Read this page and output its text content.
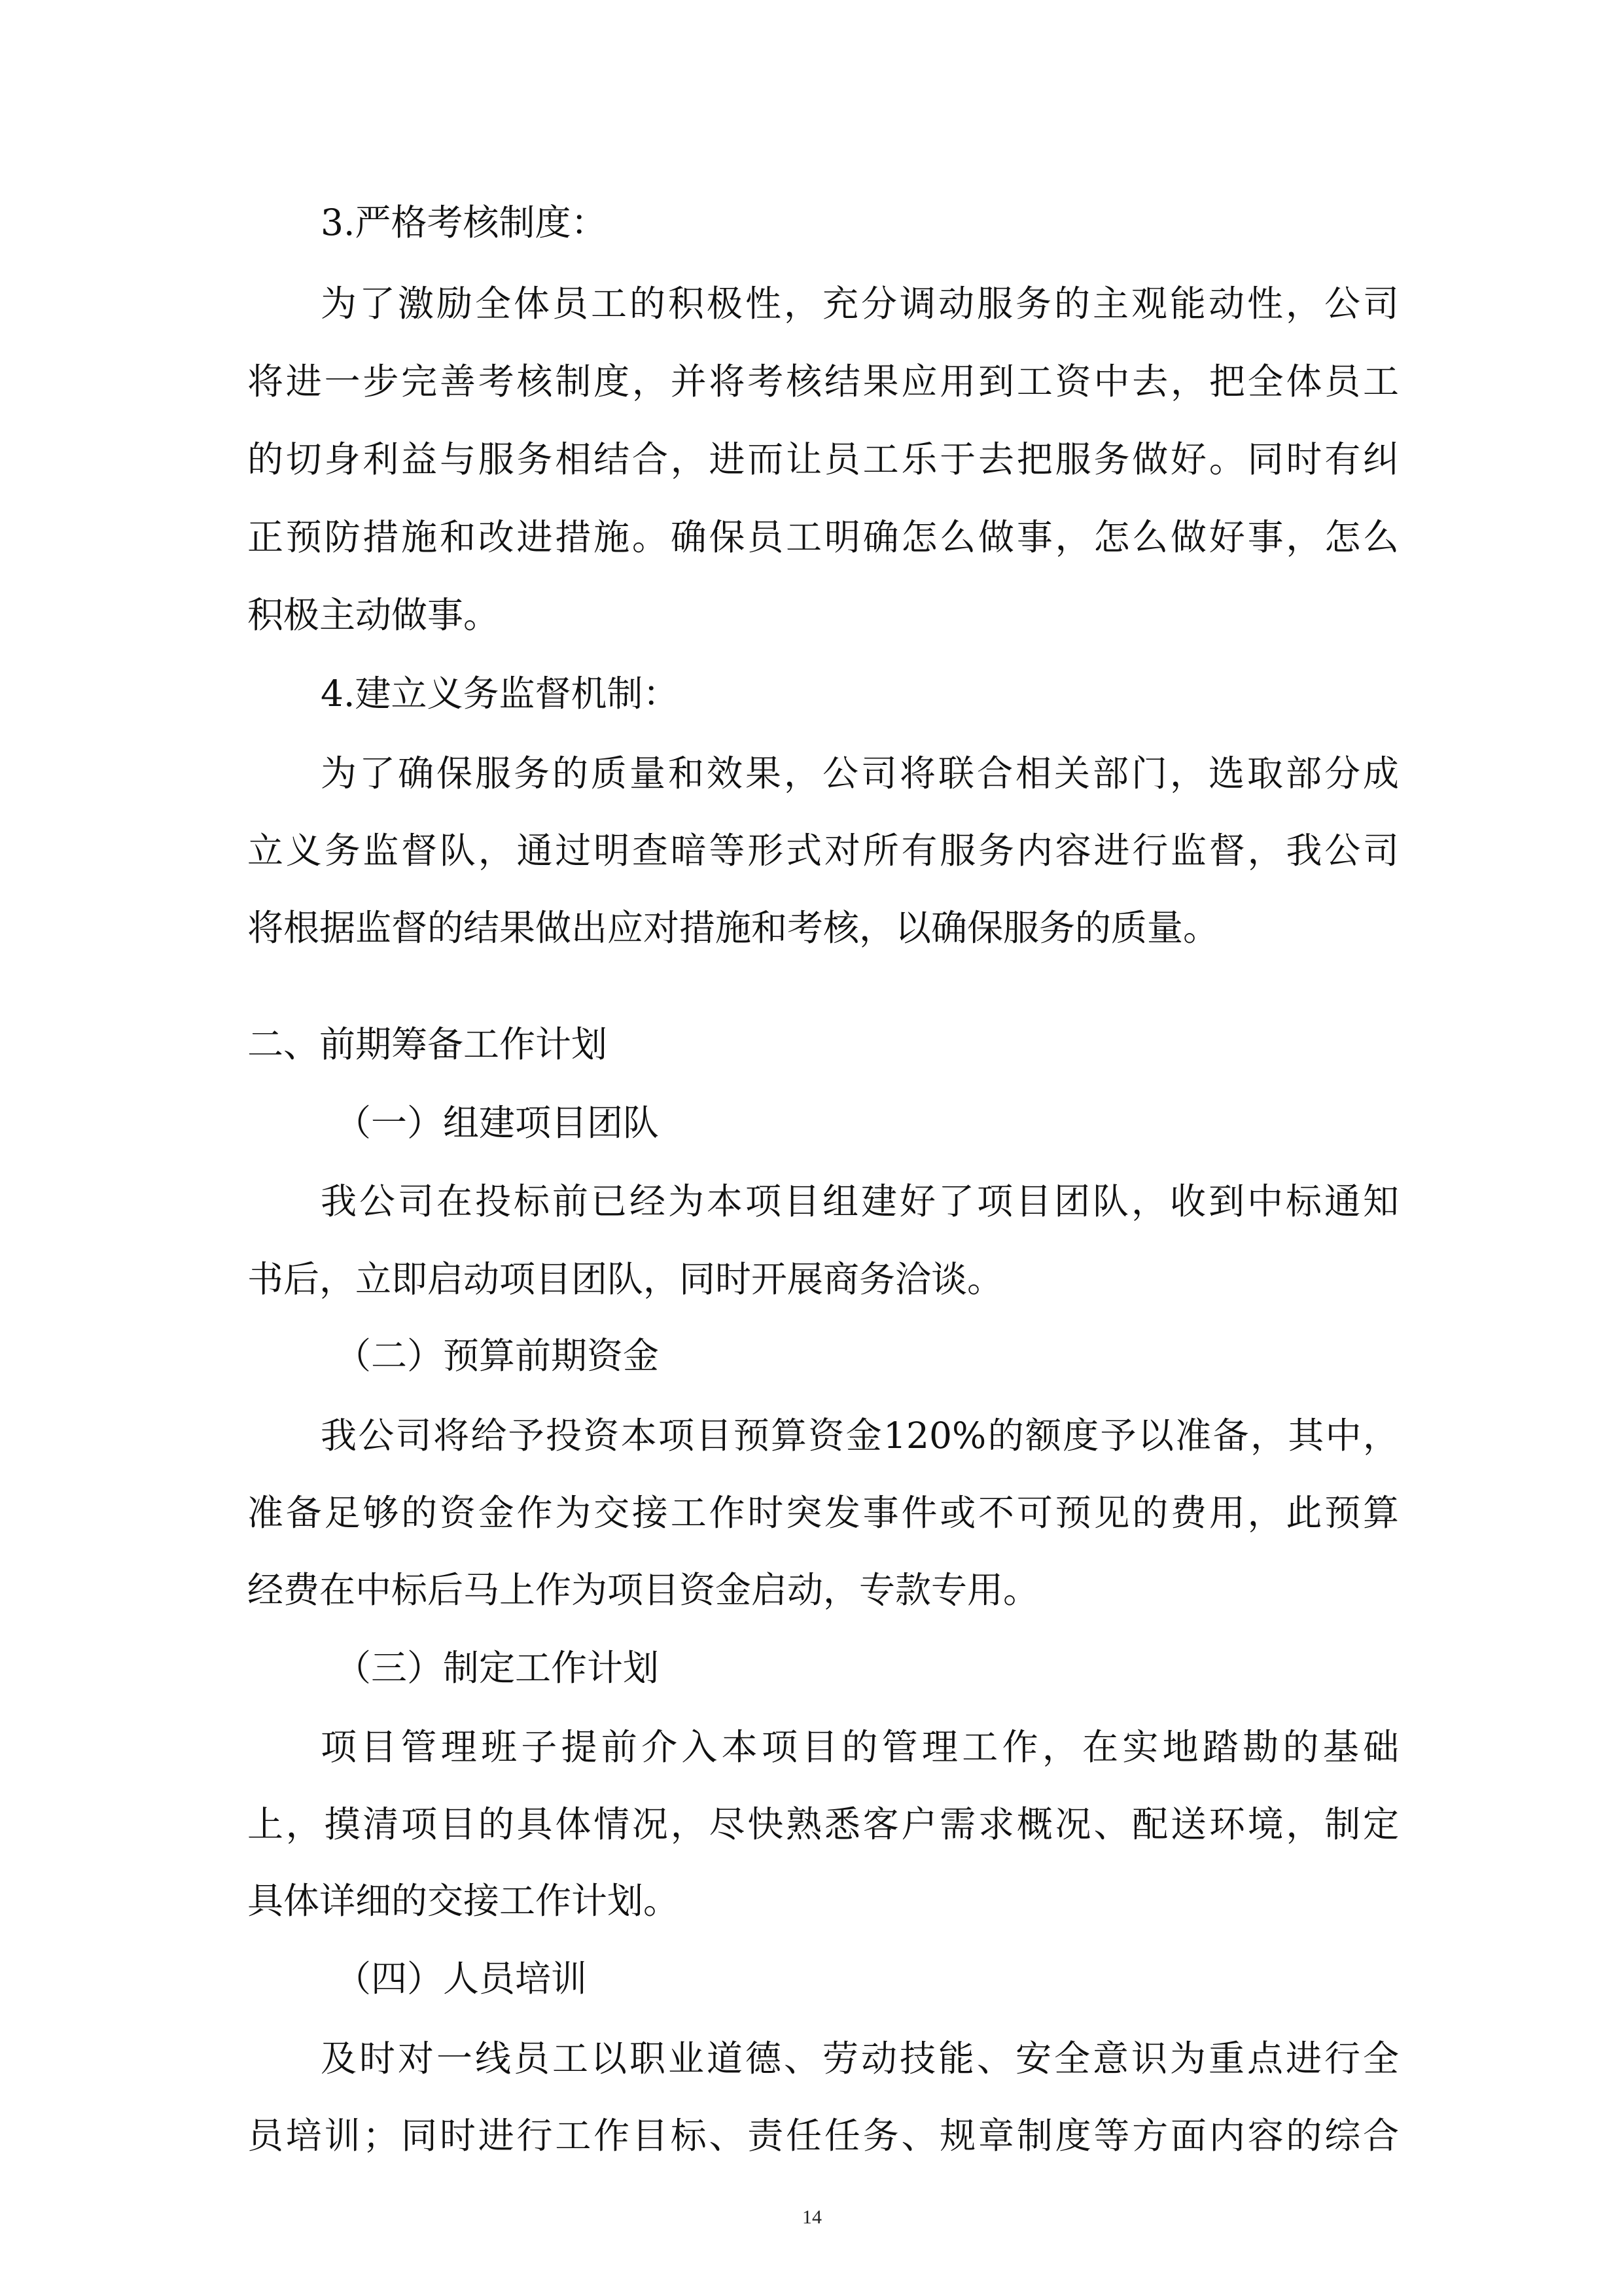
3.严格考核制度：
为了激励全体员工的积极性，充分调动服务的主观能动性，公司
将进一步完善考核制度，并将考核结果应用到工资中去，把全体员工
的切身利益与服务相结合，进而让员工乐于去把服务做好。同时有纠
正预防措施和改进措施。确保员工明确怎么做事，怎么做好事，怎么
积极主动做事。
4.建立义务监督机制：
为了确保服务的质量和效果，公司将联合相关部门，选取部分成
立义务监督队，通过明查暗等形式对所有服务内容进行监督，我公司
将根据监督的结果做出应对措施和考核，以确保服务的质量。
二、前期筹备工作计划
（一）组建项目团队
我公司在投标前已经为本项目组建好了项目团队，收到中标通知
书后，立即启动项目团队，同时开展商务洽谈。
（二）预算前期资金
我公司将给予投资本项目预算资金120%的额度予以准备，其中，
准备足够的资金作为交接工作时突发事件或不可预见的费用，此预算
经费在中标后马上作为项目资金启动，专款专用。
（三）制定工作计划
项目管理班子提前介入本项目的管理工作，在实地踏勘的基础
上，摸清项目的具体情况，尽快熟悉客户需求概况、配送环境，制定
具体详细的交接工作计划。
（四）人员培训
及时对一线员工以职业道德、劳动技能、安全意识为重点进行全
员培训；同时进行工作目标、责任任务、规章制度等方面内容的综合
14
